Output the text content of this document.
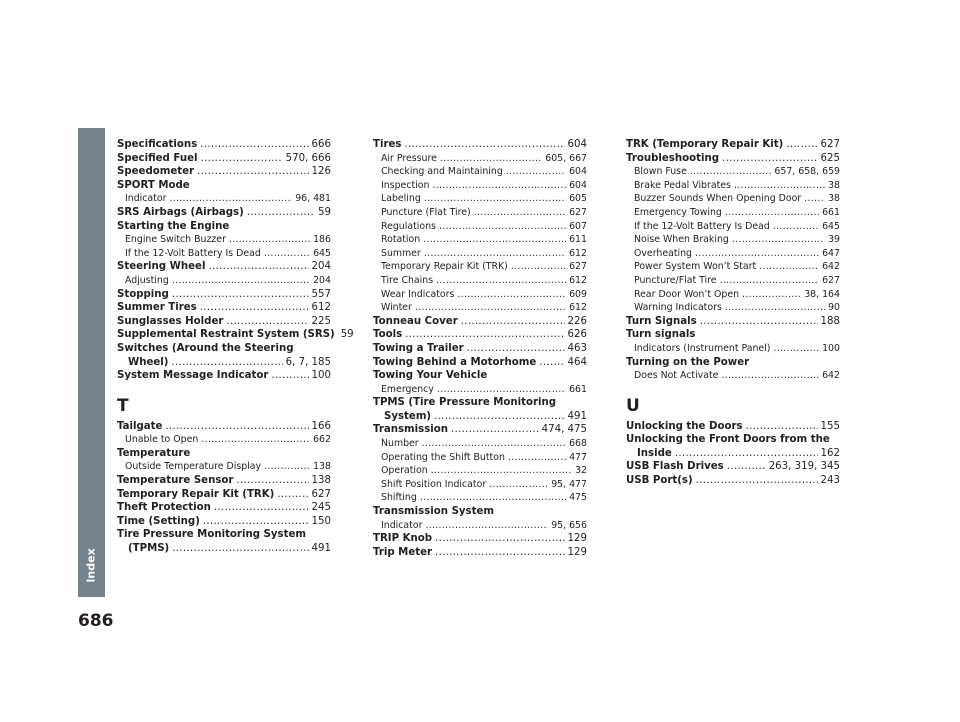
Index
686
Specifications .....	666
Specified Fuel .....	570, 666
Speedometer .....	126
SPORT Mode
Indicator .....	96, 481
SRS Airbags (Airbags) .....	59
Starting the Engine
Engine Switch Buzzer .....	186
If the 12-Volt Battery Is Dead .....	645
Steering Wheel .....	204
Adjusting .....	204
Stopping .....	557
Summer Tires .....	612
Sunglasses Holder .....	225
Supplemental Restraint System (SRS) 59
Switches (Around the Steering
Wheel) .....	6, 7, 185
System Message Indicator .....	100
T
Tailgate .....	166
Unable to Open .....	662
Temperature
Outside Temperature Display .....	138
Temperature Sensor .....	138
Temporary Repair Kit (TRK) .....	627
Theft Protection .....	245
Time (Setting) .....	150
Tire Pressure Monitoring System
(TPMS) .....	491
Tires .....	604
Air Pressure .....	605, 667
Checking and Maintaining .....	604
Inspection .....	604
Labeling .....	605
Puncture (Flat Tire) .....	627
Regulations .....	607
Rotation .....	611
Summer .....	612
Temporary Repair Kit (TRK) .....	627
Tire Chains .....	612
Wear Indicators .....	609
Winter .....	612
Tonneau Cover .....	226
Tools .....	626
Towing a Trailer .....	463
Towing Behind a Motorhome .....	464
Towing Your Vehicle
Emergency .....	661
TPMS (Tire Pressure Monitoring
System) .....	491
Transmission .....	474, 475
Number .....	668
Operating the Shift Button .....	477
Operation .....	32
Shift Position Indicator .....	95, 477
Shifting .....	475
Transmission System
Indicator .....	95, 656
TRIP Knob .....	129
Trip Meter .....	129
TRK (Temporary Repair Kit) .....	627
Troubleshooting .....	625
Blown Fuse .....	657, 658, 659
Brake Pedal Vibrates .....	38
Buzzer Sounds When Opening Door .....	38
Emergency Towing .....	661
If the 12-Volt Battery Is Dead .....	645
Noise When Braking .....	39
Overheating .....	647
Power System Won’t Start .....	642
Puncture/Flat Tire .....	627
Rear Door Won’t Open .....	38, 164
Warning Indicators .....	90
Turn Signals .....	188
Turn signals
Indicators (Instrument Panel) .....	100
Turning on the Power
Does Not Activate .....	642
U
Unlocking the Doors .....	155
Unlocking the Front Doors from the
Inside .....	162
USB Flash Drives .....	263, 319, 345
USB Port(s) .....	243
